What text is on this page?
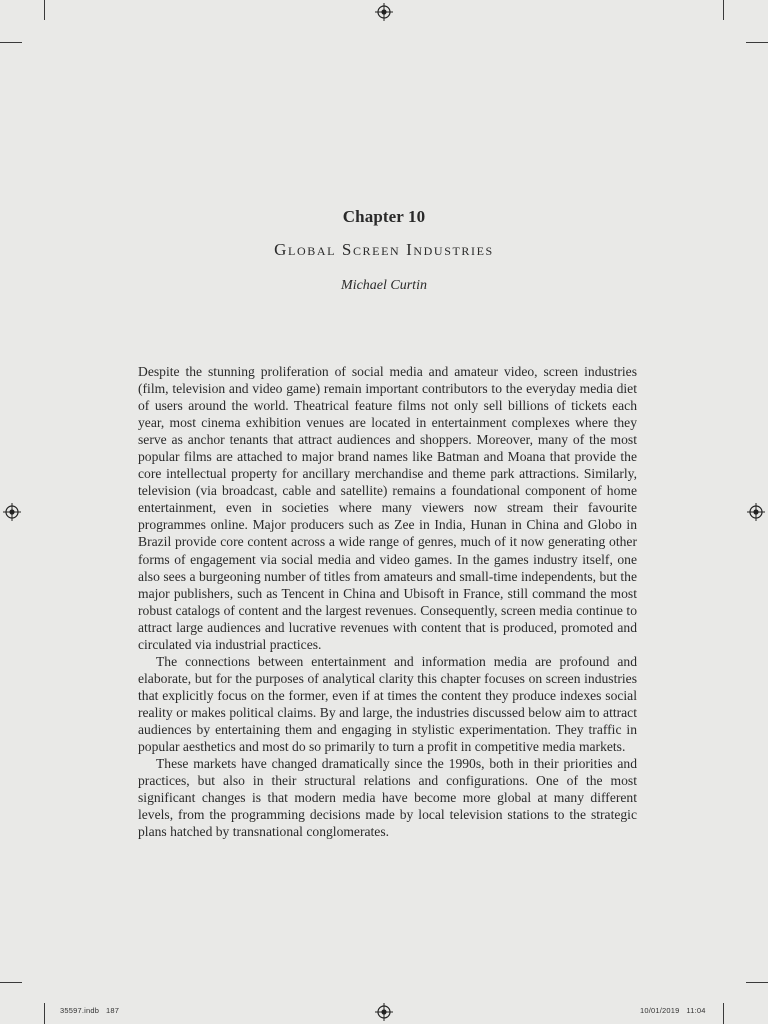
Chapter 10
Global Screen Industries
Michael Curtin

Despite the stunning proliferation of social media and amateur video, screen industries (film, television and video game) remain important contributors to the everyday media diet of users around the world. Theatrical feature films not only sell billions of tickets each year, most cinema exhibition venues are located in entertainment complexes where they serve as anchor tenants that attract audiences and shoppers. Moreover, many of the most popular films are attached to major brand names like Batman and Moana that provide the core intellectual property for ancillary merchandise and theme park attractions. Similarly, television (via broadcast, cable and satellite) remains a foundational component of home entertainment, even in societies where many viewers now stream their favourite programmes online. Major producers such as Zee in India, Hunan in China and Globo in Brazil provide core content across a wide range of genres, much of it now generating other forms of engagement via social media and video games. In the games industry itself, one also sees a burgeoning number of titles from amateurs and small-time independents, but the major publishers, such as Tencent in China and Ubisoft in France, still command the most robust catalogs of content and the largest revenues. Consequently, screen media continue to attract large audiences and lucrative revenues with content that is produced, promoted and circulated via industrial practices.

The connections between entertainment and information media are profound and elaborate, but for the purposes of analytical clarity this chapter focuses on screen industries that explicitly focus on the former, even if at times the content they produce indexes social reality or makes political claims. By and large, the industries discussed below aim to attract audiences by entertaining them and engaging in stylistic experimentation. They traffic in popular aesthetics and most do so primarily to turn a profit in competitive media markets.

These markets have changed dramatically since the 1990s, both in their priorities and practices, but also in their structural relations and configurations. One of the most significant changes is that modern media have become more global at many different levels, from the programming decisions made by local television stations to the strategic plans hatched by transnational conglomerates.

35597.indb   187	10/01/2019   11:04
